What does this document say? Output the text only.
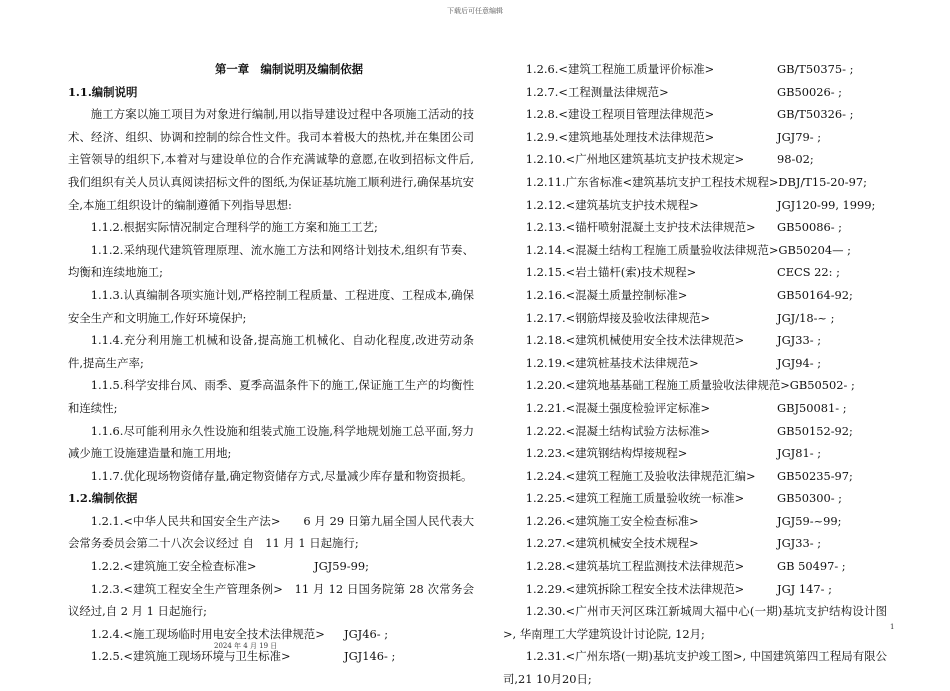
下载后可任意编辑
第一章　编制说明及编制依据
1.1.编制说明
施工方案以施工项目为对象进行编制,用以指导建设过程中各项施工活动的技术、经济、组织、协调和控制的综合性文件。我司本着极大的热枕,并在集团公司主管领导的组织下,本着对与建设单位的合作充满诚挚的意愿,在收到招标文件后,我们组织有关人员认真阅读招标文件的图纸,为保证基坑施工顺利进行,确保基坑安全,本施工组织设计的编制遵循下列指导思想:
1.1.2.根据实际情况制定合理科学的施工方案和施工工艺;
1.1.2.采纳现代建筑管理原理、流水施工方法和网络计划技术,组织有节奏、均衡和连续地施工;
1.1.3.认真编制各项实施计划,严格控制工程质量、工程进度、工程成本,确保安全生产和文明施工,作好环境保护;
1.1.4.充分利用施工机械和设备,提高施工机械化、自动化程度,改进劳动条件,提高生产率;
1.1.5.科学安排台风、雨季、夏季高温条件下的施工,保证施工生产的均衡性和连续性;
1.1.6.尽可能利用永久性设施和组装式施工设施,科学地规划施工总平面,努力减少施工设施建造量和施工用地;
1.1.7.优化现场物资储存量,确定物资储存方式,尽量减少库存量和物资损耗。
1.2.编制依据
1.2.1.<中华人民共和国安全生产法>　　6 月 29 日第九届全国人民代表大会常务委员会第二十八次会议经过 自　11 月 1 日起施行;
1.2.2.<建筑施工安全检查标准>	JGJ59-99;
1.2.3.<建筑工程安全生产管理条例>　11 月 12 日国务院第 28 次常务会议经过,自 2 月 1 日起施行;
1.2.4.<施工现场临时用电安全技术法律规范> JGJ46- ;
1.2.5.<建筑施工现场环境与卫生标准>	JGJ146- ;
1.2.6.<建筑工程施工质量评价标准>	GB/T50375- ;
1.2.7.<工程测量法律规范>	GB50026- ;
1.2.8.<建设工程项目管理法律规范>	GB/T50326- ;
1.2.9.<建筑地基处理技术法律规范>	JGJ79- ;
1.2.10.<广州地区建筑基坑支护技术规定>	98-02;
1.2.11.广东省标准<建筑基坑支护工程技术规程> DBJ/T15-20-97;
1.2.12.<建筑基坑支护技术规程>	JGJ120-99, 1999;
1.2.13.<锚杆喷射混凝土支护技术法律规范> GB50086- ;
1.2.14.<混凝土结构工程施工质量验收法律规范> GB50204— ;
1.2.15.<岩土锚杆(索)技术规程>	CECS 22: ;
1.2.16.<混凝土质量控制标准>	GB50164-92;
1.2.17.<钢筋焊接及验收法律规范>	JGJ/18-~ ;
1.2.18.<建筑机械使用安全技术法律规范>	JGJ33- ;
1.2.19.<建筑桩基技术法律规范>	JGJ94- ;
1.2.20.<建筑地基基础工程施工质量验收法律规范> GB50502- ;
1.2.21.<混凝土强度检验评定标准>	GBJ50081- ;
1.2.22.<混凝土结构试验方法标准>	GB50152-92;
1.2.23.<建筑钢结构焊接规程>	JGJ81- ;
1.2.24.<建筑工程施工及验收法律规范汇编> GB50235-97;
1.2.25.<建筑工程施工质量验收统一标准>	GB50300- ;
1.2.26.<建筑施工安全检查标准>	JGJ59-~99;
1.2.27.<建筑机械安全技术规程>	JGJ33- ;
1.2.28.<建筑基坑工程监测技术法律规范>	GB 50497- ;
1.2.29.<建筑拆除工程安全技术法律规范>	JGJ 147- ;
1.2.30.<广州市天河区珠江新城周大福中心(一期)基坑支护结构设计图>, 华南理工大学建筑设计讨论院, 12月;
1.2.31.<广州东塔(一期)基坑支护竣工图>, 中国建筑第四工程局有限公司,21 10月20日;
1
2024 年 4 月 19 日
